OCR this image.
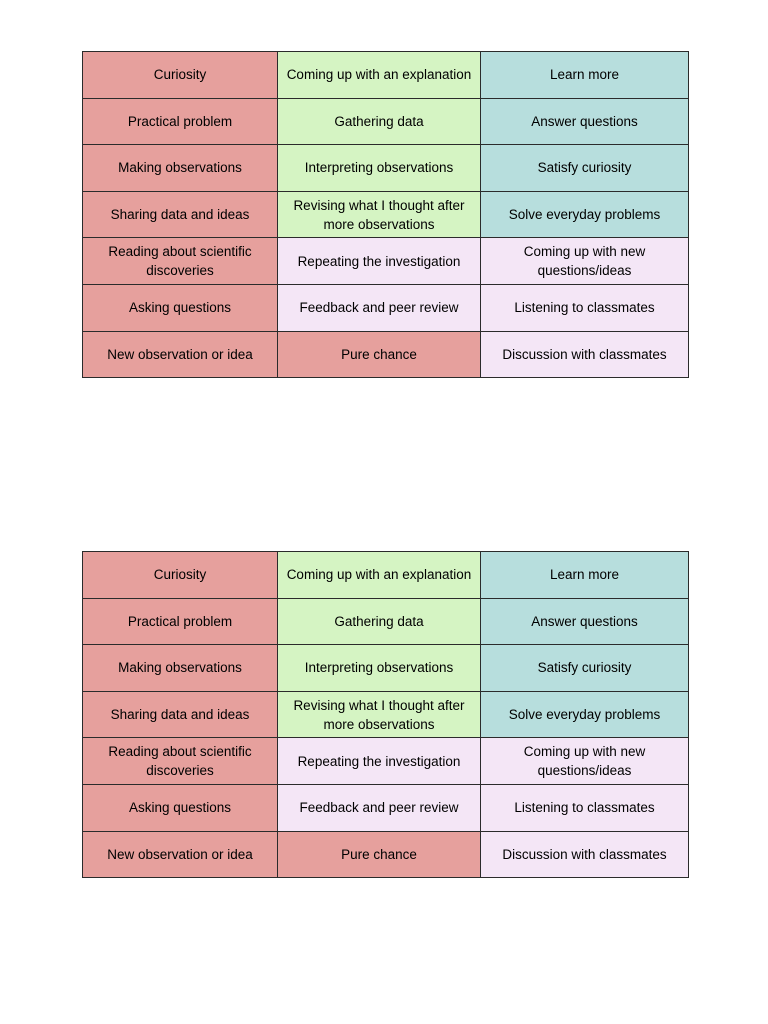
Curiosity	Coming up with an explanation	Learn more
Practical problem	Gathering data	Answer questions
Making observations	Interpreting observations	Satisfy curiosity
Sharing data and ideas	Revising what I thought after more observations	Solve everyday problems
Reading about scientific discoveries	Repeating the investigation	Coming up with new questions/ideas
Asking questions	Feedback and peer review	Listening to classmates
New observation or idea	Pure chance	Discussion with classmates
Curiosity	Coming up with an explanation	Learn more
Practical problem	Gathering data	Answer questions
Making observations	Interpreting observations	Satisfy curiosity
Sharing data and ideas	Revising what I thought after more observations	Solve everyday problems
Reading about scientific discoveries	Repeating the investigation	Coming up with new questions/ideas
Asking questions	Feedback and peer review	Listening to classmates
New observation or idea	Pure chance	Discussion with classmates
